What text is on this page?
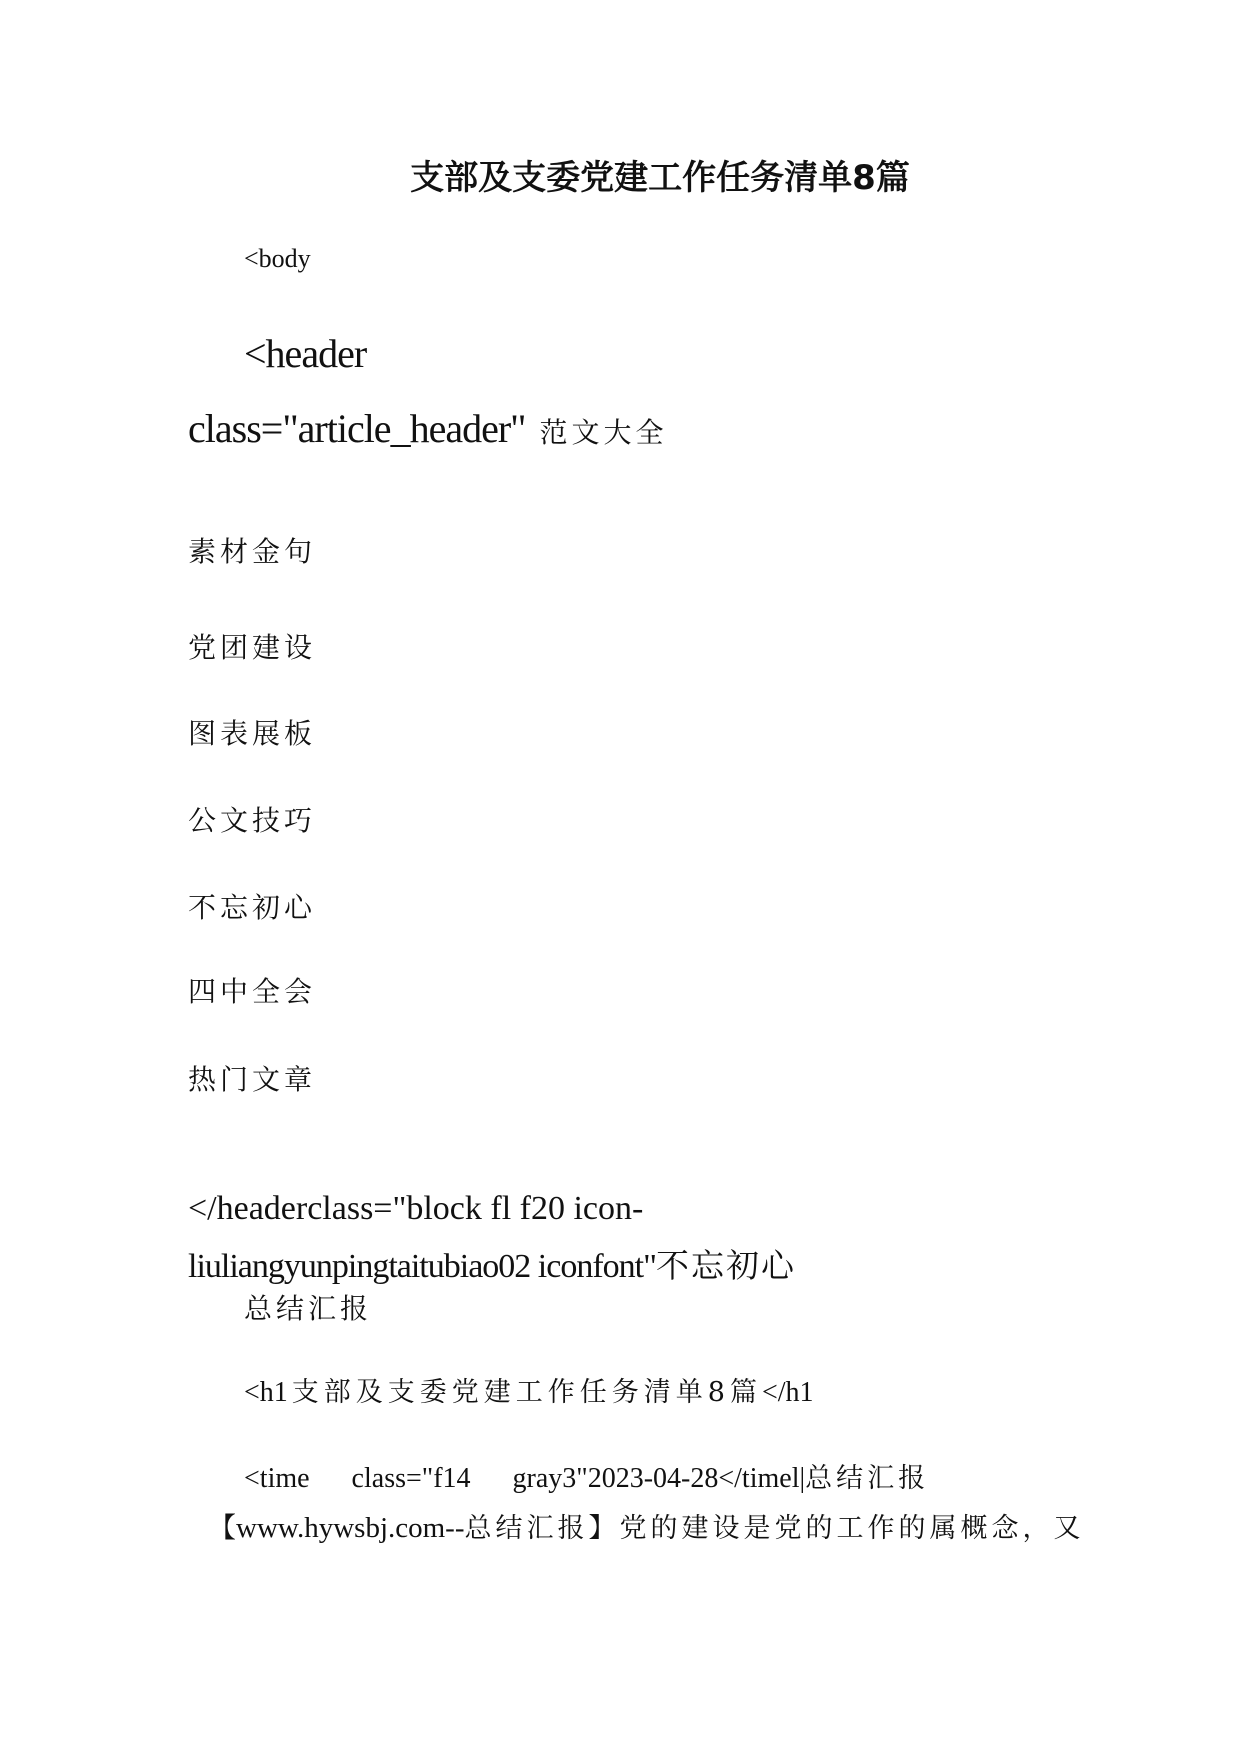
支部及支委党建工作任务清单8篇
<body
<header
class="article_header" 范文大全
素材金句
党团建设
图表展板
公文技巧
不忘初心
四中全会
热门文章
</headerclass="block fl f20 icon-
liuliangyunpingtaitubiao02 iconfont"不忘初心
总结汇报
<h1 支部及支委党建工作任务清单8篇</h1
<time      class="f14      gray3"2023-04-28</timel|总结汇报
【www.hywsbj.com--总结汇报】党的建设是党的工作的属概念，又
